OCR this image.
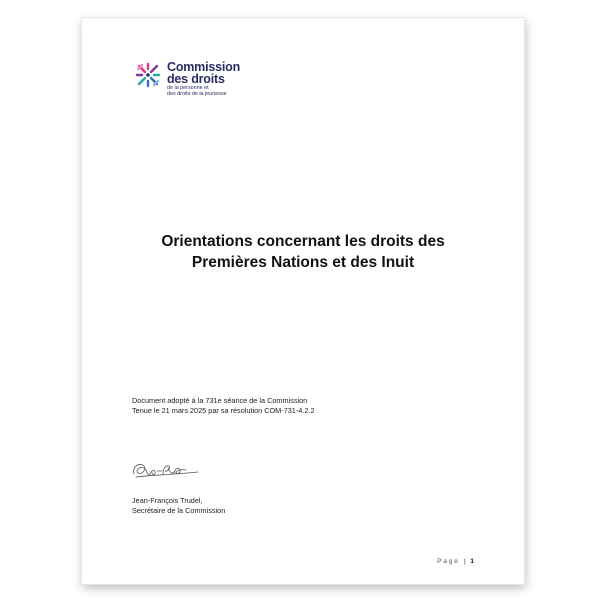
Commission
des droits
de la personne et
des droits de la jeunesse
Orientations concernant les droits des
Premières Nations et des Inuit
Document adopté à la 731e séance de la Commission
Tenue le 21 mars 2025 par sa résolution COM-731-4.2.2
Jean-François Trudel,
Secrétaire de la Commission
Page | 1
